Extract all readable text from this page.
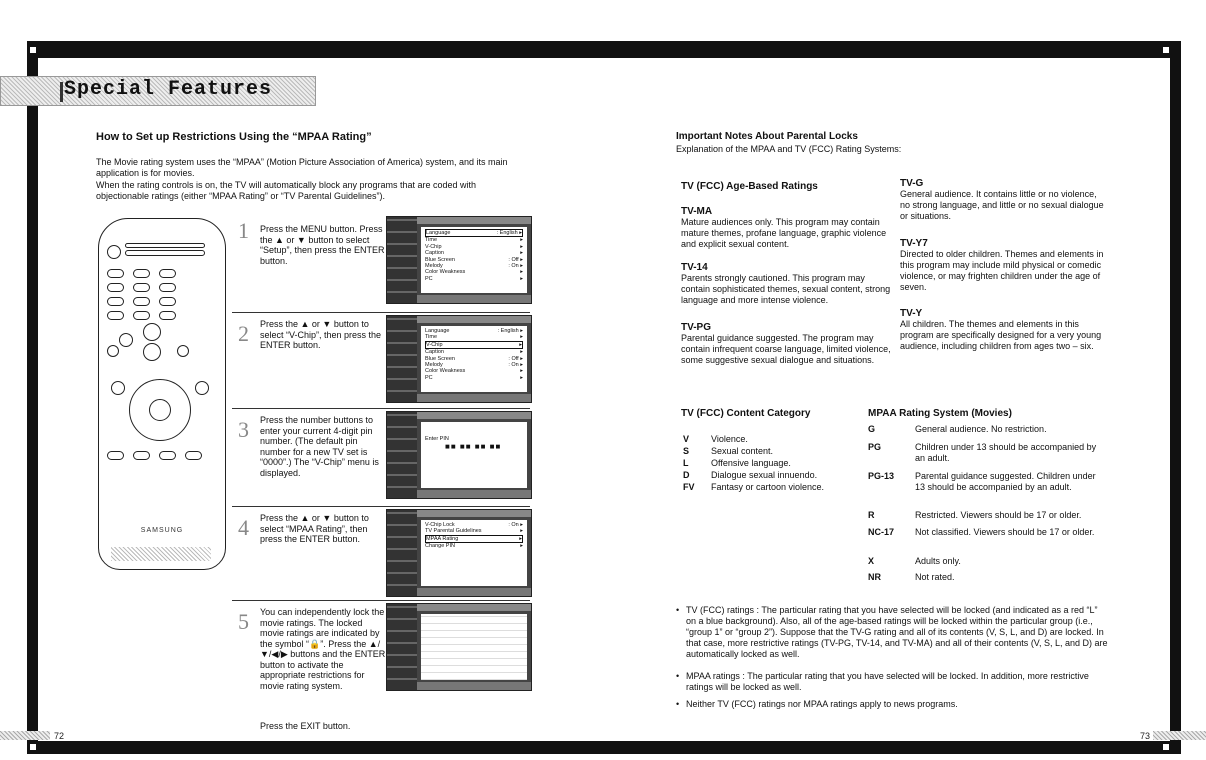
Special Features
72	73
How to Set up Restrictions Using the “MPAA Rating”
The Movie rating system uses the “MPAA” (Motion Picture Association of America) system, and its main application is for movies.
When the rating controls is on, the TV will automatically block any programs that are coded with objectionable ratings (either “MPAA Rating” or “TV Parental Guidelines”).
SAMSUNG
1 Press the MENU button. Press the ▲ or ▼ button to select “Setup”, then press the ENTER button.
Language	: English ▸
Time	▸
V-Chip	▸
Caption	▸
Blue Screen	: Off ▸
Melody	: On ▸
Color Weakness	▸
PC	▸
2 Press the ▲ or ▼ button to select “V-Chip”, then press the ENTER button.
Language	: English ▸
Time	▸
V-Chip	▸
Caption	▸
Blue Screen	: Off ▸
Melody	: On ▸
Color Weakness	▸
PC	▸
3 Press the number buttons to enter your current 4-digit pin number. (The default pin number for a new TV set is “0000”.) The “V-Chip” menu is displayed.
Enter PIN
■■ ■■ ■■ ■■
4 Press the ▲ or ▼ button to select “MPAA Rating”, then press the ENTER button.
V-Chip Lock	: On ▸
TV Parental Guidelines	▸
MPAA Rating	▸
Change PIN	▸
5 You can independently lock the movie ratings. The locked movie ratings are indicated by the symbol “🔒”. Press the ▲/▼/◀/▶ buttons and the ENTER button to activate the appropriate restrictions for movie rating system.
Press the EXIT button.
Important Notes About Parental Locks
Explanation of the MPAA and TV (FCC) Rating Systems:
TV (FCC) Age-Based Ratings
TV-MA
Mature audiences only. This program may contain mature themes, profane language, graphic violence and explicit sexual content.
TV-14
Parents strongly cautioned. This program may contain sophisticated themes, sexual content, strong language and more intense violence.
TV-PG
Parental guidance suggested. The program may contain infrequent coarse language, limited violence, some suggestive sexual dialogue and situations.
TV-G
General audience. It contains little or no violence, no strong language, and little or no sexual dialogue or situations.
TV-Y7
Directed to older children. Themes and elements in this program may include mild physical or comedic violence, or may frighten children under the age of seven.
TV-Y
All children. The themes and elements in this program are specifically designed for a very young audience, including children from ages two – six.
TV (FCC) Content Category
V Violence.
S Sexual content.
L	Offensive language.
D Dialogue sexual innuendo.
FV Fantasy or cartoon violence.
MPAA Rating System (Movies)
G	General audience. No restriction.
PG	Children under 13 should be accompanied by an adult.
PG-13	Parental guidance suggested. Children under 13 should be accompanied by an adult.
R	Restricted. Viewers should be 17 or older.
NC-17	Not classified. Viewers should be 17 or older.
X	Adults only.
NR	Not rated.
• TV (FCC) ratings : The particular rating that you have selected will be locked (and indicated as a red “L” on a blue background). Also, all of the age-based ratings will be locked within the particular group (i.e., “group 1” or “group 2”). Suppose that the TV-G rating and all of its contents (V, S, L, and D) are locked. In that case, more restrictive ratings (TV-PG, TV-14, and TV-MA) and all of their contents (V, S, L, and D) are automatically locked as well.
• MPAA ratings : The particular rating that you have selected will be locked. In addition, more restrictive ratings will be locked as well.
• Neither TV (FCC) ratings nor MPAA ratings apply to news programs.
